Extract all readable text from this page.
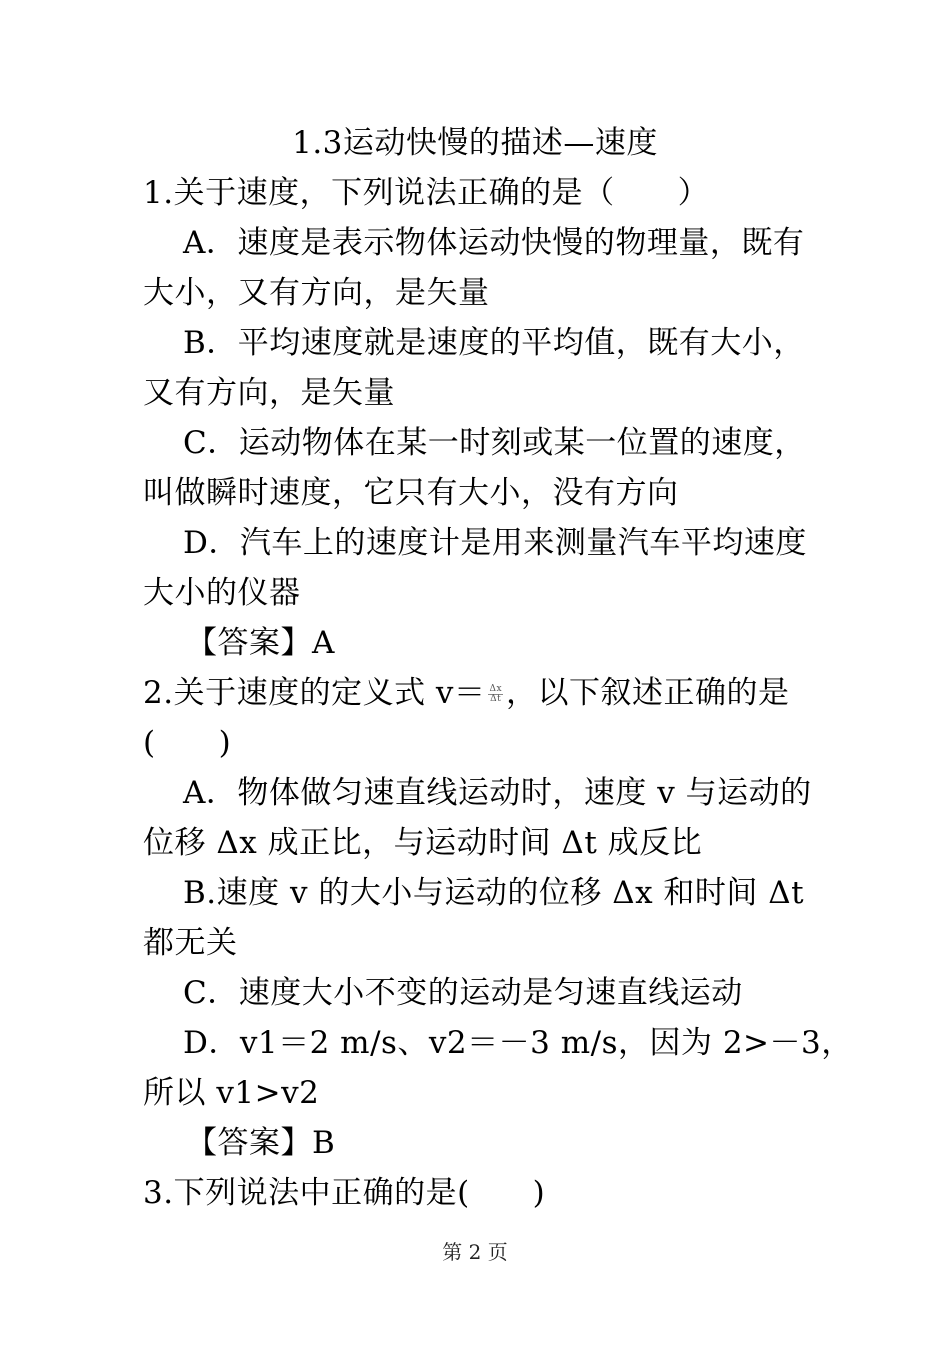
1.3运动快慢的描述—速度
1.关于速度，下列说法正确的是（　　）
A．速度是表示物体运动快慢的物理量，既有
大小，又有方向，是矢量
B．平均速度就是速度的平均值，既有大小，
又有方向，是矢量
C．运动物体在某一时刻或某一位置的速度，
叫做瞬时速度，它只有大小，没有方向
D．汽车上的速度计是用来测量汽车平均速度
大小的仪器
【答案】A
2.关于速度的定义式 $v= \frac{\Delta x}{\Delta t}$ ，以下叙述正确的是
(　　)
A．物体做匀速直线运动时，速度 v 与运动的
位移 Δx 成正比，与运动时间 Δt 成反比
B.速度 v 的大小与运动的位移 Δx 和时间 Δt
都无关
C．速度大小不变的运动是匀速直线运动
D．v1＝2 m/s、v2＝－3 m/s，因为 2>－3，
所以 v1>v2
【答案】B
3.下列说法中正确的是(　　)
第 2 页
